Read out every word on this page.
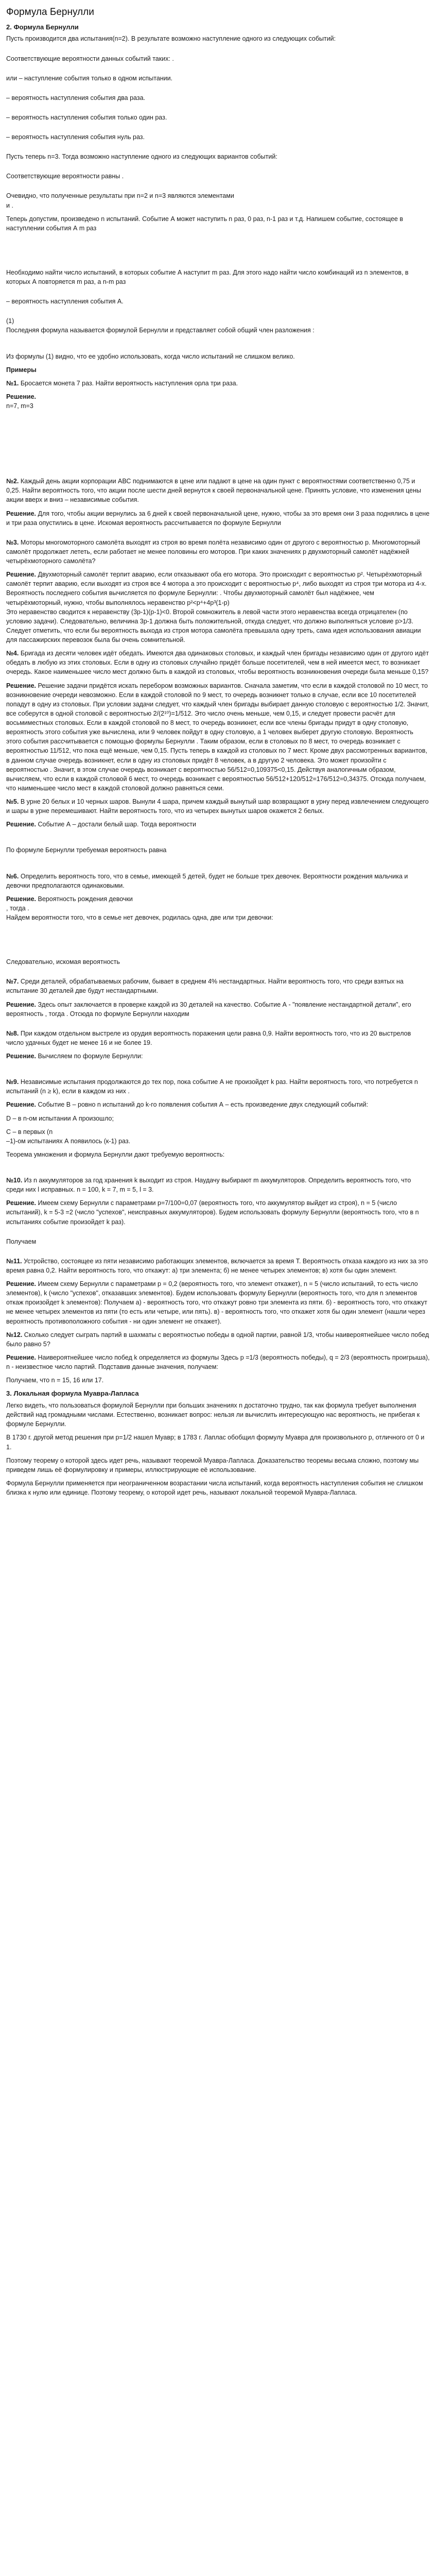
Формула Бернулли
2. Формула Бернулли

Пусть производится два испытания(n=2). В результате возможно наступление одного из следующих событий:

Соответствующие вероятности данных событий таких: .

или – наступление события только в одном испытании.

– вероятность наступления события два раза.

– вероятность наступления события только один раз.

– вероятность наступления события нуль раз.

Пусть теперь n=3. Тогда возможно наступление одного из следующих вариантов событий:

Соответствующие вероятности равны .

Очевидно, что полученные результаты при n=2 и n=3 являются элементами

и .

Теперь допустим, произведено n испытаний. Событие А может наступить n раз, 0 раз, n-1 раз и т.д. Напишем событие, состоящее в наступлении события А m раз

Необходимо найти число испытаний, в которых событие А наступит m раз. Для этого надо найти число комбинаций из n элементов, в которых А повторяется m раз, а n-m раз

– вероятность наступления события А.

(1)

Последняя формула называется формулой Бернулли и представляет собой общий член разложения :

Из формулы (1) видно, что ее удобно использовать, когда число испытаний не слишком велико.

Примеры

№1. Бросается монета 7 раз. Найти вероятность наступления орла три раза.

Решение.

n=7, m=3

№2. Каждый день акции корпорации АВС поднимаются в цене или падают в цене на один пункт с вероятностями соответственно 0,75 и 0,25. Найти вероятность того, что акции после шести дней вернутся к своей первоначальной цене. Принять условие, что изменения цены акции вверх и вниз – независимые события.

Решение. Для того, чтобы акции вернулись за 6 дней к своей первоначальной цене, нужно, чтобы за это время они 3 раза поднялись в цене и три раза опустились в цене. Искомая вероятность рассчитывается по формуле Бернулли

№3. Моторы многомоторного самолёта выходят из строя во время полёта независимо один от другого с вероятностью р. Многомоторный самолёт продолжает лететь, если работает не менее половины его моторов. При каких значениях р двухмоторный самолёт надёжней четырёхмоторного самолёта?

Решение. Двухмоторный самолёт терпит аварию, если отказывают оба его мотора. Это происходит с вероятностью р². Четырёхмоторный самолёт терпит аварию, если выходят из строя все 4 мотора а это происходит с вероятностью р⁴, либо выходят из строя три мотора из 4-х. Вероятность последнего события вычисляется по формуле Бернулли: . Чтобы двухмоторный самолёт был надёжнее, чем четырёхмоторный, нужно, чтобы выполнялось неравенство р²<р⁴+4р³(1-р)

Это неравенство сводится к неравенству (3р-1)(р-1)<0. Второй сомножитель в левой части этого неравенства всегда отрицателен (по условию задачи). Следовательно, величина 3р-1 должна быть положительной, откуда следует, что должно выполняться условие р>1/3. Следует отметить, что если бы вероятность выхода из строя мотора самолёта превышала одну треть, сама идея использования авиации для пассажирских перевозок была бы очень сомнительной.

№4. Бригада из десяти человек идёт обедать. Имеются два одинаковых столовых, и каждый член бригады независимо один от другого идёт обедать в любую из этих столовых. Если в одну из столовых случайно придёт больше посетителей, чем в ней имеется мест, то возникает очередь. Какое наименьшее число мест должно быть в каждой из столовых, чтобы вероятность возникновения очереди была меньше 0,15?

Решение. Решение задачи придётся искать перебором возможных вариантов. Сначала заметим, что если в каждой столовой по 10 мест, то возникновение очереди невозможно. Если в каждой столовой по 9 мест, то очередь возникнет только в случае, если все 10 посетителей попадут в одну из столовых. При условии задачи следует, что каждый член бригады выбирает данную столовую с вероятностью 1/2. Значит, все соберутся в одной столовой с вероятностью 2/(2¹⁰)=1/512. Это число очень меньше, чем 0,15, и следует провести расчёт для восьмиместных столовых. Если в каждой столовой по 8 мест, то очередь возникнет, если все члены бригады придут в одну столовую, вероятность этого события уже вычислена, или 9 человек пойдут в одну столовую, а 1 человек выберет другую столовую. Вероятность этого события рассчитывается с помощью формулы Бернулли . Таким образом, если в столовых по 8 мест, то очередь возникает с вероятностью 11/512, что пока ещё меньше, чем 0,15. Пусть теперь в каждой из столовых по 7 мест. Кроме двух рассмотренных вариантов, в данном случае очередь возникнет, если в одну из столовых придёт 8 человек, а в другую 2 человека. Это может произойти с вероятностью . Значит, в этом случае очередь возникает с вероятностью 56/512=0,109375<0,15. Действуя аналогичным образом, вычисляем, что если в каждой столовой 6 мест, то очередь возникает с вероятностью 56/512+120/512=176/512=0,34375. Отсюда получаем, что наименьшее число мест в каждой столовой должно равняться семи.

№5. В урне 20 белых и 10 черных шаров. Вынули 4 шара, причем каждый вынутый шар возвращают в урну перед извлечением следующего и шары в урне перемешивают. Найти вероятность того, что из четырех вынутых шаров окажется 2 белых.

Решение. Событие А – достали белый шар. Тогда вероятности

По формуле Бернулли требуемая вероятность равна

№6. Определить вероятность того, что в семье, имеющей 5 детей, будет не больше трех девочек. Вероятности рождения мальчика и девочки предполагаются одинаковыми.

Решение. Вероятность рождения девочки

, тогда .

Найдем вероятности того, что в семье нет девочек, родилась одна, две или три девочки:

Следовательно, искомая вероятность

№7. Среди деталей, обрабатываемых рабочим, бывает в среднем 4% нестандартных. Найти вероятность того, что среди взятых на испытание 30 деталей две будут нестандартными.

Решение. Здесь опыт заключается в проверке каждой из 30 деталей на качество. Событие А - "появление нестандартной детали", его вероятность , тогда . Отсюда по формуле Бернулли находим

№8. При каждом отдельном выстреле из орудия вероятность поражения цели равна 0,9. Найти вероятность того, что из 20 выстрелов число удачных будет не менее 16 и не более 19.

Решение. Вычисляем по формуле Бернулли:

№9. Независимые испытания продолжаются до тех пор, пока событие А не произойдет k раз. Найти вероятность того, что потребуется n испытаний (n ≥ k), если в каждом из них .

Решение. Событие В – ровно n испытаний до k-го появления события А – есть произведение двух следующий событий:

D – в n-ом испытании А произошло;

С – в первых (n

–1)-ом испытаниях А появилось (к-1) раз.

Теорема умножения и формула Бернулли дают требуемую вероятность:

№10. Из n аккумуляторов за год хранения k выходит из строя. Наудачу выбирают m аккумуляторов. Определить вероятность того, что среди них l исправных. n = 100, k = 7, m = 5, l = 3.

Решение. Имеем схему Бернулли с параметрами p=7/100=0,07 (вероятность того, что аккумулятор выйдет из строя), n = 5 (число испытаний), k = 5-3 =2 (число "успехов", неисправных аккумуляторов). Будем использовать формулу Бернулли (вероятность того, что в n испытаниях событие произойдет k раз).

Получаем

№11. Устройство, состоящее из пяти независимо работающих элементов, включается за время Т. Вероятность отказа каждого из них за это время равна 0,2. Найти вероятность того, что откажут: а) три элемента; б) не менее четырех элементов; в) хотя бы один элемент.

Решение. Имеем схему Бернулли с параметрами p = 0,2 (вероятность того, что элемент откажет), n = 5 (число испытаний, то есть число элементов), k (число "успехов", отказавших элементов). Будем использовать формулу Бернулли (вероятность того, что для n элементов откаж произойдет k элементов): Получаем а) - вероятность того, что откажут ровно три элемента из пяти. б) - вероятность того, что откажут не менее четырех элементов из пяти (то есть или четыре, или пять). в) - вероятность того, что откажет хотя бы один элемент (нашли через вероятность противоположного события - ни один элемент не откажет).

№12. Сколько следует сыграть партий в шахматы с вероятностью победы в одной партии, равной 1/3, чтобы наивероятнейшее число побед было равно 5?

Решение. Наивероятнейшее число побед k определяется из формулы Здесь p =1/3 (вероятность победы), q = 2/3 (вероятность проигрыша), n - неизвестное число партий. Подставив данные значения, получаем:

Получаем, что n = 15, 16 или 17.

3. Локальная формула Муавра-Лапласа

Легко видеть, что пользоваться формулой Бернулли при больших значениях n достаточно трудно, так как формула требует выполнения действий над громадными числами. Естественно, возникает вопрос: нельзя ли вычислить интересующую нас вероятность, не прибегая к формуле Бернулли.

В 1730 г. другой метод решения при p=1/2 нашел Муавр; в 1783 г. Лаплас обобщил формулу Муавра для произвольного p, отличного от 0 и 1.

Поэтому теорему о которой здесь идет речь, называют теоремой Муавра-Лапласа. Доказательство теоремы весьма сложно, поэтому мы приведем лишь её формулировку и примеры, иллюстрирующие её использование.

Формула Бернулли применяется при неограниченном возрастании числа испытаний, когда вероятность наступления события не слишком близка к нулю или единице. Поэтому теорему, о которой идет речь, называют локальной теоремой Муавра-Лапласа.
